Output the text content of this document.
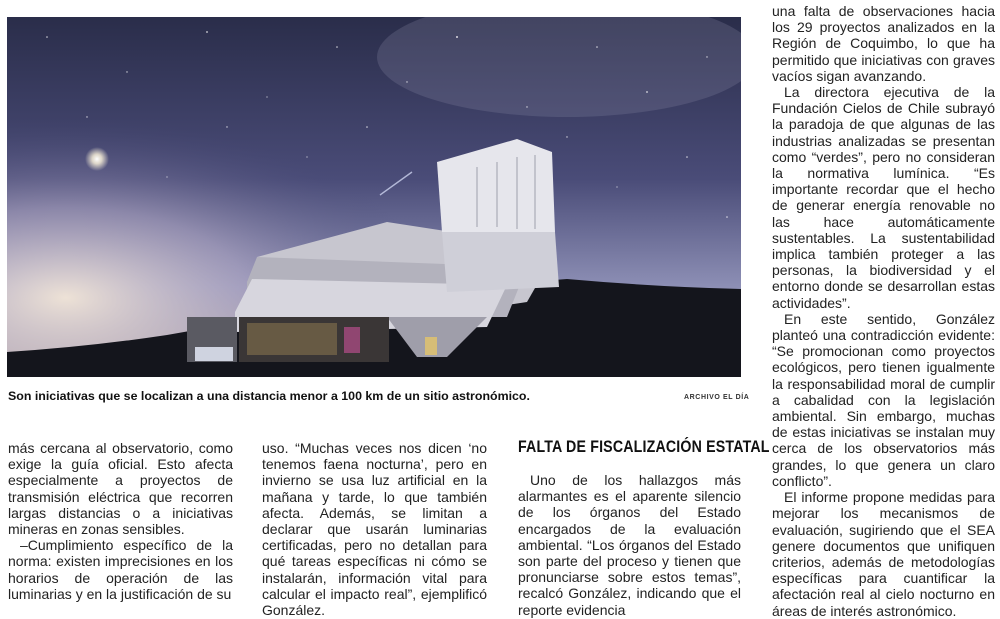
Son iniciativas que se localizan a una distancia menor a 100 km de un sitio astronómico.	ARCHIVO EL DÍA

más cercana al observatorio, como exige la guía oficial. Esto afecta especialmente a proyectos de transmisión eléctrica que recorren largas distancias o a iniciativas mineras en zonas sensibles.

–Cumplimiento específico de la norma: existen imprecisiones en los horarios de operación de las luminarias y en la justificación de su

uso. “Muchas veces nos dicen ‘no tenemos faena nocturna’, pero en invierno se usa luz artificial en la mañana y tarde, lo que también afecta. Además, se limitan a declarar que usarán luminarias certificadas, pero no detallan para qué tareas específicas ni cómo se instalarán, información vital para calcular el impacto real”, ejemplificó González.

FALTA DE FISCALIZACIÓN ESTATAL

Uno de los hallazgos más alarmantes es el aparente silencio de los órganos del Estado encargados de la evaluación ambiental. “Los órganos del Estado son parte del proceso y tienen que pronunciarse sobre estos temas”, recalcó González, indicando que el reporte evidencia

una falta de observaciones hacia los 29 proyectos analizados en la Región de Coquimbo, lo que ha permitido que iniciativas con graves vacíos sigan avanzando.

La directora ejecutiva de la Fundación Cielos de Chile subrayó la paradoja de que algunas de las industrias analizadas se presentan como “verdes”, pero no consideran la normativa lumínica. “Es importante recordar que el hecho de generar energía renovable no las hace automáticamente sustentables. La sustentabilidad implica también proteger a las personas, la biodiversidad y el entorno donde se desarrollan estas actividades”.

En este sentido, González planteó una contradicción evidente: “Se promocionan como proyectos ecológicos, pero tienen igualmente la responsabilidad moral de cumplir a cabalidad con la legislación ambiental. Sin embargo, muchas de estas iniciativas se instalan muy cerca de los observatorios más grandes, lo que genera un claro conflicto”.

El informe propone medidas para mejorar los mecanismos de evaluación, sugiriendo que el SEA genere documentos que unifiquen criterios, además de metodologías específicas para cuantificar la afectación real al cielo nocturno en áreas de interés astronómico.
